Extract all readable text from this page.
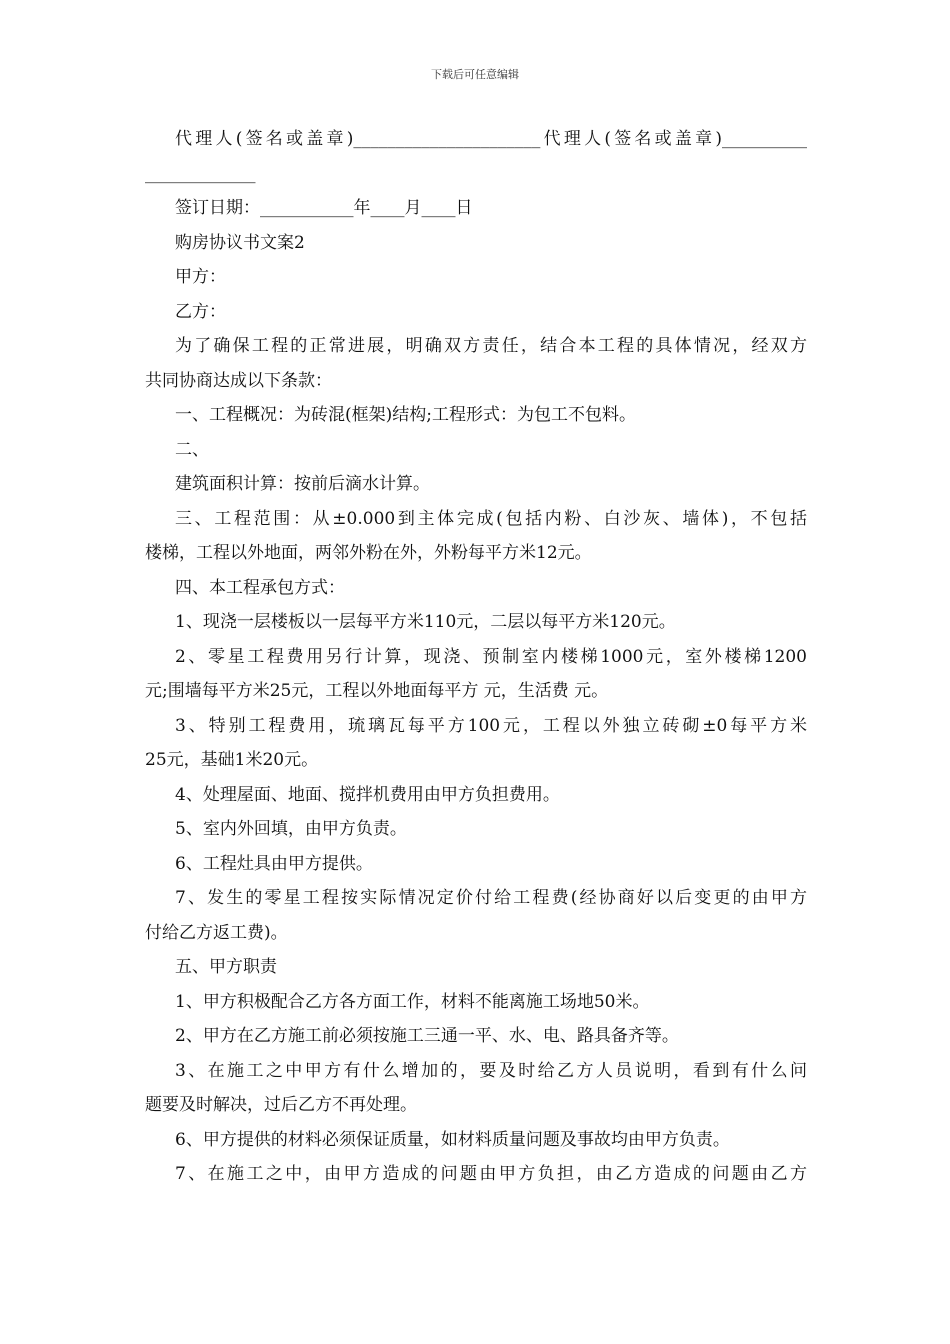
下载后可任意编辑
代理人(签名或盖章)______________________代理人(签名或盖章)__________
_____________
签订日期：___________年____月____日
购房协议书文案2
甲方：
乙方：
为了确保工程的正常进展，明确双方责任，结合本工程的具体情况，经双方
共同协商达成以下条款：
一、工程概况：为砖混(框架)结构;工程形式：为包工不包料。
二、
建筑面积计算：按前后滴水计算。
三、工程范围：从±0.000到主体完成(包括内粉、白沙灰、墙体)，不包括
楼梯，工程以外地面，两邻外粉在外，外粉每平方米12元。
四、本工程承包方式：
1、现浇一层楼板以一层每平方米110元，二层以每平方米120元。
2、零星工程费用另行计算，现浇、预制室内楼梯1000元，室外楼梯1200
元;围墙每平方米25元，工程以外地面每平方 元，生活费 元。
3、特别工程费用，琉璃瓦每平方100元，工程以外独立砖砌±0每平方米
25元，基础1米20元。
4、处理屋面、地面、搅拌机费用由甲方负担费用。
5、室内外回填，由甲方负责。
6、工程灶具由甲方提供。
7、发生的零星工程按实际情况定价付给工程费(经协商好以后变更的由甲方
付给乙方返工费)。
五、甲方职责
1、甲方积极配合乙方各方面工作，材料不能离施工场地50米。
2、甲方在乙方施工前必须按施工三通一平、水、电、路具备齐等。
3、在施工之中甲方有什么增加的，要及时给乙方人员说明，看到有什么问
题要及时解决，过后乙方不再处理。
6、甲方提供的材料必须保证质量，如材料质量问题及事故均由甲方负责。
7、在施工之中，由甲方造成的问题由甲方负担，由乙方造成的问题由乙方
